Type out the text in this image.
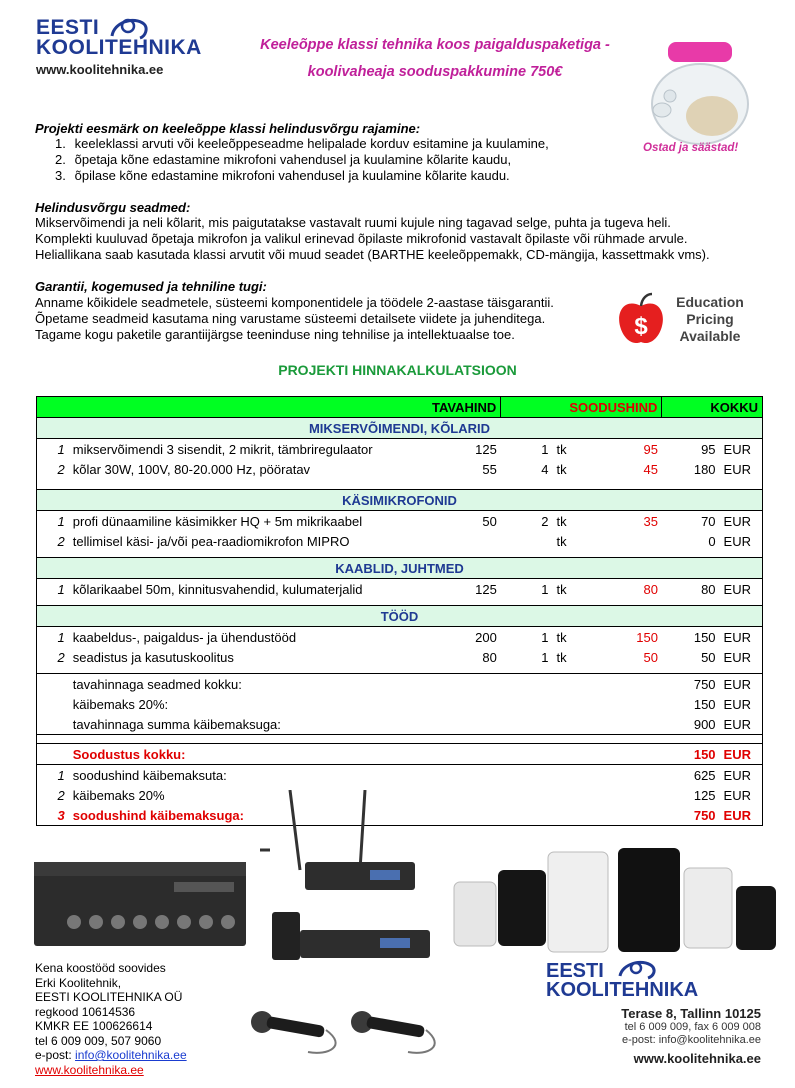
EESTI
KOOLITEHNIKA
www.koolitehnika.ee
Keeleõppe klassi tehnika koos paigalduspaketiga -
koolivaheaja sooduspakkumine 750€
Ostad ja säästad!
Projekti eesmärk on keeleõppe klassi helindusvõrgu rajamine:
1. keeleklassi arvuti või keeleõppeseadme helipalade korduv esitamine ja kuulamine,
2. õpetaja kõne edastamine mikrofoni vahendusel ja kuulamine kõlarite kaudu,
3. õpilase kõne edastamine mikrofoni vahendusel ja kuulamine kõlarite kaudu.
Helindusvõrgu seadmed:
Mikservõimendi ja neli kõlarit, mis paigutatakse vastavalt ruumi kujule ning tagavad selge, puhta ja tugeva heli.
Komplekti kuuluvad õpetaja mikrofon ja valikul erinevad õpilaste mikrofonid vastavalt õpilaste või rühmade arvule.
Heliallikana saab kasutada klassi arvutit või muud seadet (BARTHE keeleõppemakk, CD-mängija, kassettmakk vms).
Garantii, kogemused ja tehniline tugi:
Anname kõikidele seadmetele, süsteemi komponentidele ja töödele 2-aastase täisgarantii.
Õpetame seadmeid kasutama ning varustame süsteemi detailsete viidete ja juhenditega.
Tagame kogu paketile garantiijärgse teeninduse ning tehnilise ja intellektuaalse toe.	$
Education
Pricing
Available
PROJEKTI HINNAKALKULATSIOON
TAVAHIND			SOODUSHIND			KOKKU	
MIKSERVÕIMENDI, KÕLARID							
1	mikservõimendi 3 sisendit, 2 mikrit, tämbriregulaator	125	1	tk	95	95	EUR
2	kõlar 30W, 100V, 80-20.000 Hz, pööratav	55	4	tk	45	180	EUR

KÄSIMIKROFONID							
1	profi dünaamiline käsimikker HQ + 5m mikrikaabel	50	2	tk	35	70	EUR
2	tellimisel käsi- ja/või pea-raadiomikrofon MIPRO			tk		0	EUR

KAABLID, JUHTMED							
1	kõlarikaabel 50m, kinnitusvahendid, kulumaterjalid	125	1	tk	80	80	EUR

TÖÖD							
1	kaabeldus-, paigaldus- ja ühendustööd	200	1	tk	150	150	EUR
2	seadistus ja kasutuskoolitus	80	1	tk	50	50	EUR

	tavahinnaga seadmed kokku:					750	EUR
	käibemaks 20%:					150	EUR
	tavahinnaga summa käibemaksuga:					900	EUR

	Soodustus kokku:					150	EUR
1	soodushind käibemaksuta:					625	EUR
2	käibemaks 20%					125	EUR
3	soodushind käibemaksuga:					750	EUR
Kena koostööd soovides
Erki Koolitehnik,
EESTI KOOLITEHNIKA OÜ
regkood 10614536
KMKR EE 100626614
tel 6 009 009, 507 9060
e-post: info@koolitehnika.ee
www.koolitehnika.ee
EESTI
KOOLITEHNIKA
Terase 8, Tallinn 10125
tel 6 009 009, fax 6 009 008
e-post: info@koolitehnika.ee
www.koolitehnika.ee
